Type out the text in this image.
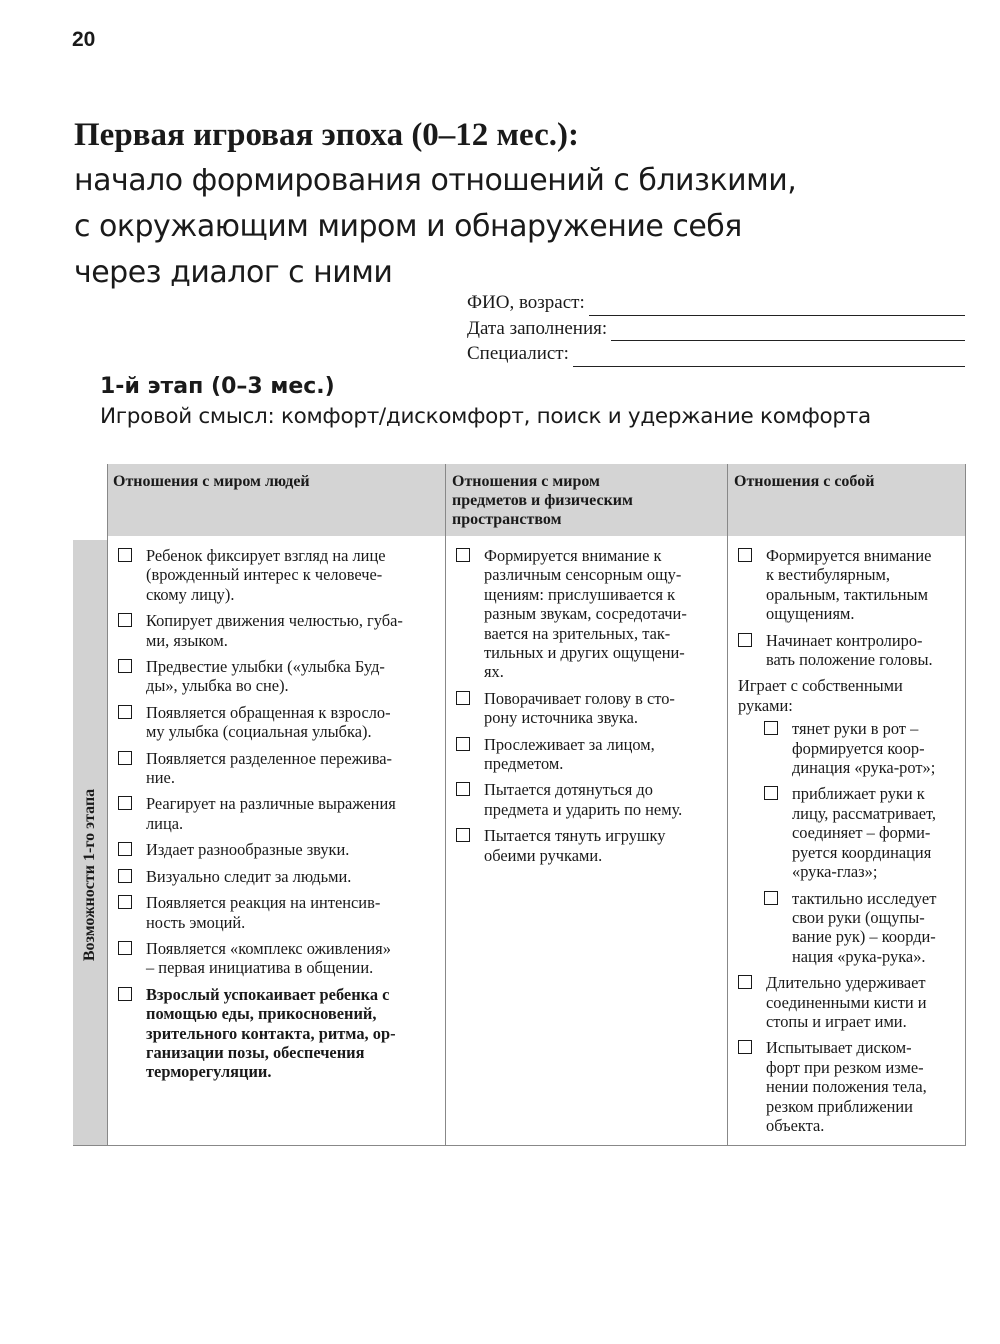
20
Первая игровая эпоха (0–12 мес.):
начало формирования отношений с близкими,
с окружающим миром и обнаружение себя
через диалог с ними
ФИО, возраст:
Дата заполнения:
Специалист:
1-й этап (0–3 мес.)
Игровой смысл: комфорт/дискомфорт, поиск и удержание комфорта
Отношения с миром людей	Отношения с миром
предметов и физическим
пространством
Отношения с собой
Возможности 1-го этапа
Ребенок фиксирует взгляд на лице
(врожденный интерес к человече-
скому лицу).
Копирует движения челюстью, губа-
ми, языком.
Предвестие улыбки («улыбка Буд-
ды», улыбка во сне).
Появляется обращенная к взросло-
му улыбка (социальная улыбка).
Появляется разделенное пережива-
ние.
Реагирует на различные выражения
лица.
Издает разнообразные звуки.
Визуально следит за людьми.
Появляется реакция на интенсив-
ность эмоций.
Появляется «комплекс оживления»
– первая инициатива в общении.
Взрослый успокаивает ребенка с
помощью еды, прикосновений,
зрительного контакта, ритма, ор-
ганизации позы, обеспечения
терморегуляции.
Формируется внимание к
различным сенсорным ощу-
щениям: прислушивается к
разным звукам, сосредотачи-
вается на зрительных, так-
тильных и других ощущени-
ях.
Поворачивает голову в сто-
рону источника звука.
Прослеживает за лицом,
предметом.
Пытается дотянуться до
предмета и ударить по нему.
Пытается тянуть игрушку
обеими ручками.
Формируется внимание
к вестибулярным,
оральным, тактильным
ощущениям.
Начинает контролиро-
вать положение головы.
Играет с собственными
руками:
тянет руки в рот –
формируется коор-
динация «рука-рот»;
приближает руки к
лицу, рассматривает,
соединяет – форми-
руется координация
«рука-глаз»;
тактильно исследует
свои руки (ощупы-
вание рук) – коорди-
нация «рука-рука».
Длительно удерживает
соединенными кисти и
стопы и играет ими.
Испытывает диском-
форт при резком изме-
нении положения тела,
резком приближении
объекта.
